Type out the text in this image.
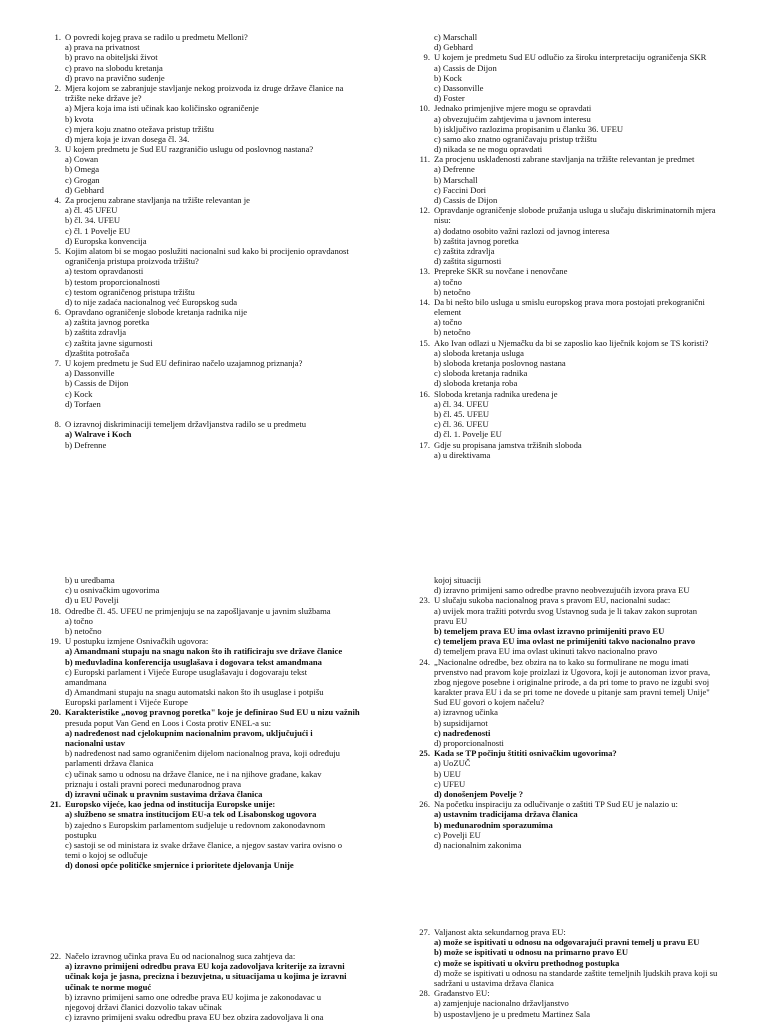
1. O povredi kojeg prava se radilo u predmetu Melloni?
a) prava na privatnost
b) pravo na obiteljski život
c) pravo na slobodu kretanja
d) pravo na pravično suđenje
2. Mjera kojom se zabranjuje stavljanje nekog proizvoda iz druge države članice na
tržište neke države je?
a) Mjera koja ima isti učinak kao količinsko ograničenje
b) kvota
c) mjera koju znatno otežava pristup tržištu
d) mjera koja je izvan dosega čl. 34.
3. U kojem predmetu je Sud EU razgraničio uslugu od poslovnog nastana?
a) Cowan
b) Omega
c) Grogan
d) Gebhard
4. Za procjenu zabrane stavljanja na tržište relevantan je
a) čl. 45 UFEU
b) čl. 34. UFEU
c) čl. 1 Povelje EU
d) Europska konvencija
5. Kojim alatom bi se mogao poslužiti nacionalni sud kako bi procijenio opravdanost
ograničenja pristupa proizvoda tržištu?
a) testom opravdanosti
b) testom proporcionalnosti
c) testom ograničenog pristupa tržištu
d) to nije zadaća nacionalnog već Europskog suda
6. Opravdano ograničenje slobode kretanja radnika nije
a) zaštita javnog poretka
b) zaštita zdravlja
c) zaštita javne sigurnosti
d)zaštita potrošača
7. U kojem predmetu je Sud EU definirao načelo uzajamnog priznanja?
a) Dassonville
b) Cassis de Dijon
c) Kock
d) Torfaen
8. O izravnoj diskriminaciji temeljem državljanstva radilo se u predmetu
a) Walrave i Koch
b) Defrenne
c) Marschall
d) Gebhard
9. U kojem je predmetu Sud EU odlučio za široku interpretaciju ograničenja SKR
a) Cassis de Dijon
b) Kock
c) Dassonville
d) Foster
10. Jednako primjenjive mjere mogu se opravdati
a) obvezujućim zahtjevima u javnom interesu
b) isključivo razlozima propisanim u članku 36. UFEU
c) samo ako znatno ograničavaju pristup tržištu
d) nikada se ne mogu opravdati
11. Za procjenu usklađenosti zabrane stavljanja na tržište relevantan je predmet
a) Defrenne
b) Marschall
c) Faccini Dori
d) Cassis de Dijon
12. Opravdanje ograničenje slobode pružanja usluga u slučaju diskriminatornih mjera
nisu:
a) dodatno osobito važni razlozi od javnog interesa
b) zaštita javnog poretka
c) zaštita zdravlja
d) zaštita sigurnosti
13. Prepreke SKR su novčane i nenovčane
a) točno
b) netočno
14. Da bi nešto bilo usluga u smislu europskog prava mora postojati prekogranični
element
a) točno
b) netočno
15. Ako Ivan odlazi u Njemačku da bi se zaposlio kao liječnik kojom se TS koristi?
a) sloboda kretanja usluga
b) sloboda kretanja poslovnog nastana
c) sloboda kretanja radnika
d) sloboda kretanja roba
16. Sloboda kretanja radnika uređena je
a) čl. 34. UFEU
b) čl. 45. UFEU
c) čl. 36. UFEU
d) čl. 1. Povelje EU
17. Gdje su propisana jamstva tržišnih sloboda
a) u direktivama
b) u uredbama
c) u osnivačkim ugovorima
d) u EU Povelji
18. Odredbe čl. 45. UFEU ne primjenjuju se na zapošljavanje u javnim službama
a) točno
b) netočno
19. U postupku izmjene Osnivačkih ugovora:
a) Amandmani stupaju na snagu nakon što ih ratificiraju sve države članice
b) međuvladina konferencija usuglašava i dogovara tekst amandmana
c) Europski parlament i Vijeće Europe usuglašavaju i dogovaraju tekst
amandmana
d) Amandmani stupaju na snagu automatski nakon što ih usuglase i potpišu
Europski parlament i Vijeće Europe
20. Karakteristike „novog pravnog poretka" koje je definirao Sud EU u nizu važnih
presuda poput Van Gend en Loos i Costa protiv ENEL-a su:
a) nadređenost nad cjelokupnim nacionalnim pravom, uključujući i
nacionalni ustav
b) nadređenost nad samo ograničenim dijelom nacionalnog prava, koji određuju
parlamenti država članica
c) učinak samo u odnosu na države članice, ne i na njihove građane, kakav
priznaju i ostali pravni poreci međunarodnog prava
d) izravni učinak u pravnim sustavima država članica
21. Europsko vijeće, kao jedna od institucija Europske unije:
a) službeno se smatra institucijom EU-a tek od Lisabonskog ugovora
b) zajedno s Europskim parlamentom sudjeluje u redovnom zakonodavnom
postupku
c) sastoji se od ministara iz svake države članice, a njegov sastav varira ovisno o
temi o kojoj se odlučuje
d) donosi opće političke smjernice i prioritete djelovanja Unije
kojoj situaciji
d) izravno primijeni samo odredbe pravno neobvezujućih izvora prava EU
23. U slučaju sukoba nacionalnog prava s pravom EU, nacionalni sudac:
a) uvijek mora tražiti potvrdu svog Ustavnog suda je li takav zakon suprotan
pravu EU
b) temeljem prava EU ima ovlast izravno primijeniti pravo EU
c) temeljem prava EU ima ovlast ne primijeniti takvo nacionalno pravo
d) temeljem prava EU ima ovlast ukinuti takvo nacionalno pravo
24. „Nacionalne odredbe, bez obzira na to kako su formulirane ne mogu imati
prvenstvo nad pravom koje proizlazi iz Ugovora, koji je autonoman izvor prava,
zbog njegove posebne i originalne prirode, a da pri tome to pravo ne izgubi svoj
karakter prava EU i da se pri tome ne dovede u pitanje sam pravni temelj Unije"
Sud EU govori o kojem načelu?
a) izravnog učinka
b) supsidijarnot
c) nadređenosti
d) proporcionalnosti
25. Kada se TP počinju štititi osnivačkim ugovorima?
a) UoZUČ
b) UEU
c) UFEU
d) donošenjem Povelje ?
26. Na početku inspiraciju za odlučivanje o zaštiti TP Sud EU je nalazio u:
a) ustavnim tradicijama država članica
b) međunarodnim sporazumima
c) Povelji EU
d) nacionalnim zakonima
22. Načelo izravnog učinka prava Eu od nacionalnog suca zahtjeva da:
a) izravno primijeni odredbu prava EU koja zadovoljava kriterije za izravni
učinak koja je jasna, precizna i bezuvjetna, u situacijama u kojima je izravni
učinak te norme moguć
b) izravno primijeni samo one odredbe prava EU kojima je zakonodavac u
njegovoj državi članici dozvolio takav učinak
c) izravno primijeni svaku odredbu prava EU bez obzira zadovoljava li ona
27. Valjanost akta sekundarnog prava EU:
a) može se ispitivati u odnosu na odgovarajući pravni temelj u pravu EU
b) može se ispitivati u odnosu na primarno pravo EU
c) može se ispitivati u okviru prethodnog postupka
d) može se ispitivati u odnosu na standarde zaštite temeljnih ljudskih prava koji su
sadržani u ustavima država članica
28. Građanstvo EU:
a) zamjenjuje nacionalno državljanstvo
b) uspostavljeno je u predmetu Martinez Sala
